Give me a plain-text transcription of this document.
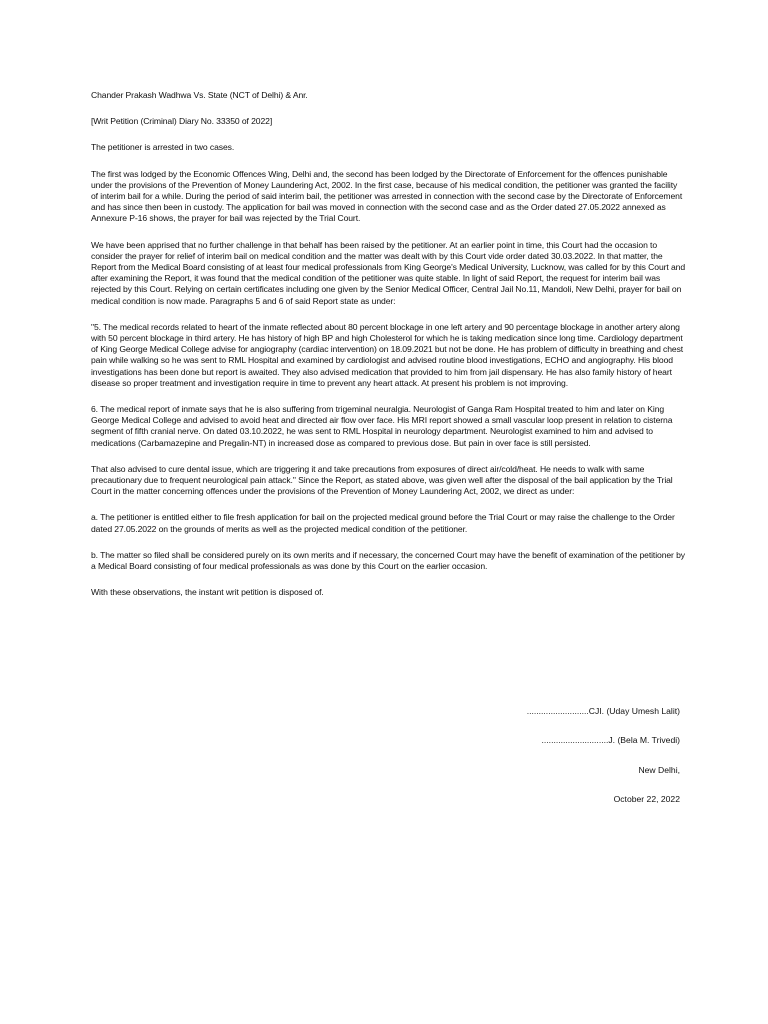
Chander Prakash Wadhwa Vs. State (NCT of Delhi) & Anr.

[Writ Petition (Criminal) Diary No. 33350 of 2022]

The petitioner is arrested in two cases.

The first was lodged by the Economic Offences Wing, Delhi and, the second has been lodged by the Directorate of Enforcement for the offences punishable under the provisions of the Prevention of Money Laundering Act, 2002. In the first case, because of his medical condition, the petitioner was granted the facility of interim bail for a while. During the period of said interim bail, the petitioner was arrested in connection with the second case by the Directorate of Enforcement and has since then been in custody. The application for bail was moved in connection with the second case and as the Order dated 27.05.2022 annexed as Annexure P-16 shows, the prayer for bail was rejected by the Trial Court.

We have been apprised that no further challenge in that behalf has been raised by the petitioner. At an earlier point in time, this Court had the occasion to consider the prayer for relief of interim bail on medical condition and the matter was dealt with by this Court vide order dated 30.03.2022. In that matter, the Report from the Medical Board consisting of at least four medical professionals from King George's Medical University, Lucknow, was called for by this Court and after examining the Report, it was found that the medical condition of the petitioner was quite stable. In light of said Report, the request for interim bail was rejected by this Court. Relying on certain certificates including one given by the Senior Medical Officer, Central Jail No.11, Mandoli, New Delhi, prayer for bail on medical condition is now made. Paragraphs 5 and 6 of said Report state as under:

"5. The medical records related to heart of the inmate reflected about 80 percent blockage in one left artery and 90 percentage blockage in another artery along with 50 percent blockage in third artery. He has history of high BP and high Cholesterol for which he is taking medication since long time. Cardiology department of King George Medical College advise for angiography (cardiac intervention) on 18.09.2021 but not be done. He has problem of difficulty in breathing and chest pain while walking so he was sent to RML Hospital and examined by cardiologist and advised routine blood investigations, ECHO and angiography. His blood investigations has been done but report is awaited. They also advised medication that provided to him from jail dispensary. He has also family history of heart disease so proper treatment and investigation require in time to prevent any heart attack. At present his problem is not improving.

6. The medical report of inmate says that he is also suffering from trigeminal neuralgia. Neurologist of Ganga Ram Hospital treated to him and later on King George Medical College and advised to avoid heat and directed air flow over face. His MRI report showed a small vascular loop present in relation to cisterna segment of fifth cranial nerve. On dated 03.10.2022, he was sent to RML Hospital in neurology department. Neurologist examined to him and advised to medications (Carbamazepine and Pregalin-NT) in increased dose as compared to previous dose. But pain in over face is still persisted.

That also advised to cure dental issue, which are triggering it and take precautions from exposures of direct air/cold/heat. He needs to walk with same precautionary due to frequent neurological pain attack." Since the Report, as stated above, was given well after the disposal of the bail application by the Trial Court in the matter concerning offences under the provisions of the Prevention of Money Laundering Act, 2002, we direct as under:

a. The petitioner is entitled either to file fresh application for bail on the projected medical ground before the Trial Court or may raise the challenge to the Order dated 27.05.2022 on the grounds of merits as well as the projected medical condition of the petitioner.

b. The matter so filed shall be considered purely on its own merits and if necessary, the concerned Court may have the benefit of examination of the petitioner by a Medical Board consisting of four medical professionals as was done by this Court on the earlier occasion.

With these observations, the instant writ petition is disposed of.

..........................CJI. (Uday Umesh Lalit)
............................J. (Bela M. Trivedi)
New Delhi,
October 22, 2022
